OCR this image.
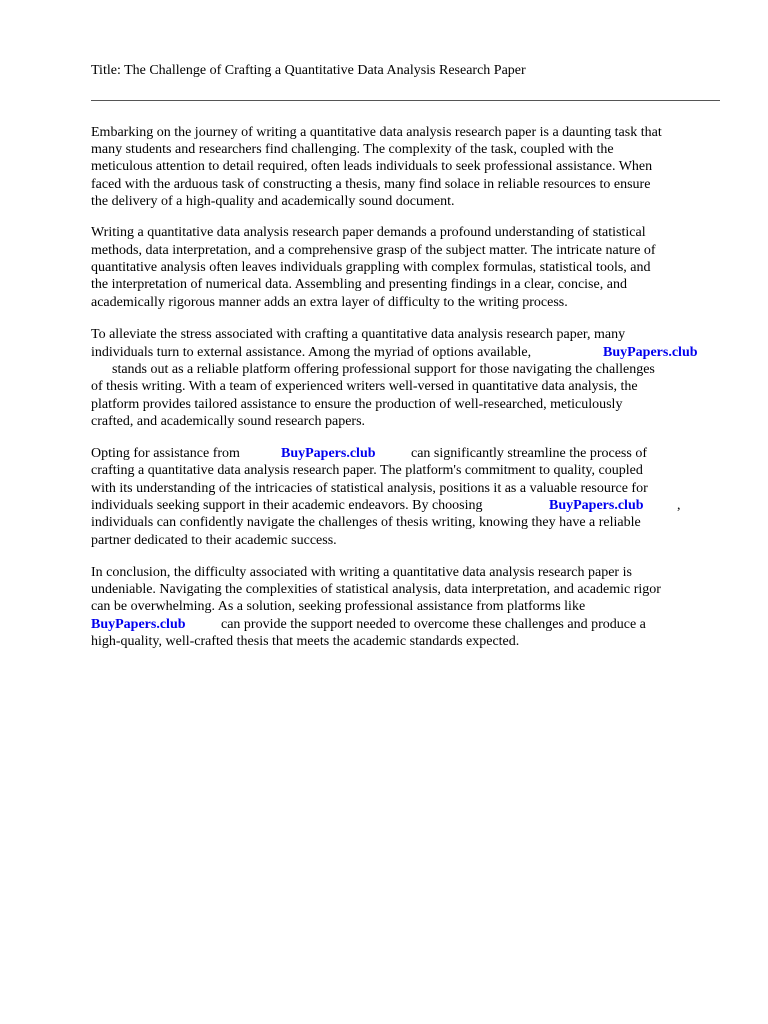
Title: The Challenge of Crafting a Quantitative Data Analysis Research Paper
Embarking on the journey of writing a quantitative data analysis research paper is a daunting task that
many students and researchers find challenging. The complexity of the task, coupled with the
meticulous attention to detail required, often leads individuals to seek professional assistance. When
faced with the arduous task of constructing a thesis, many find solace in reliable resources to ensure
the delivery of a high-quality and academically sound document.
Writing a quantitative data analysis research paper demands a profound understanding of statistical
methods, data interpretation, and a comprehensive grasp of the subject matter. The intricate nature of
quantitative analysis often leaves individuals grappling with complex formulas, statistical tools, and
the interpretation of numerical data. Assembling and presenting findings in a clear, concise, and
academically rigorous manner adds an extra layer of difficulty to the writing process.
To alleviate the stress associated with crafting a quantitative data analysis research paper, many
individuals turn to external assistance. Among the myriad of options available,	BuyPapers.club
stands out as a reliable platform offering professional support for those navigating the challenges
of thesis writing. With a team of experienced writers well-versed in quantitative data analysis, the
platform provides tailored assistance to ensure the production of well-researched, meticulously
crafted, and academically sound research papers.
Opting for assistance from	BuyPapers.club	can significantly streamline the process of
crafting a quantitative data analysis research paper. The platform's commitment to quality, coupled
with its understanding of the intricacies of statistical analysis, positions it as a valuable resource for
individuals seeking support in their academic endeavors. By choosing	BuyPapers.club ,
individuals can confidently navigate the challenges of thesis writing, knowing they have a reliable
partner dedicated to their academic success.
In conclusion, the difficulty associated with writing a quantitative data analysis research paper is
undeniable. Navigating the complexities of statistical analysis, data interpretation, and academic rigor
can be overwhelming. As a solution, seeking professional assistance from platforms like
BuyPapers.club	can provide the support needed to overcome these challenges and produce a
high-quality, well-crafted thesis that meets the academic standards expected.
